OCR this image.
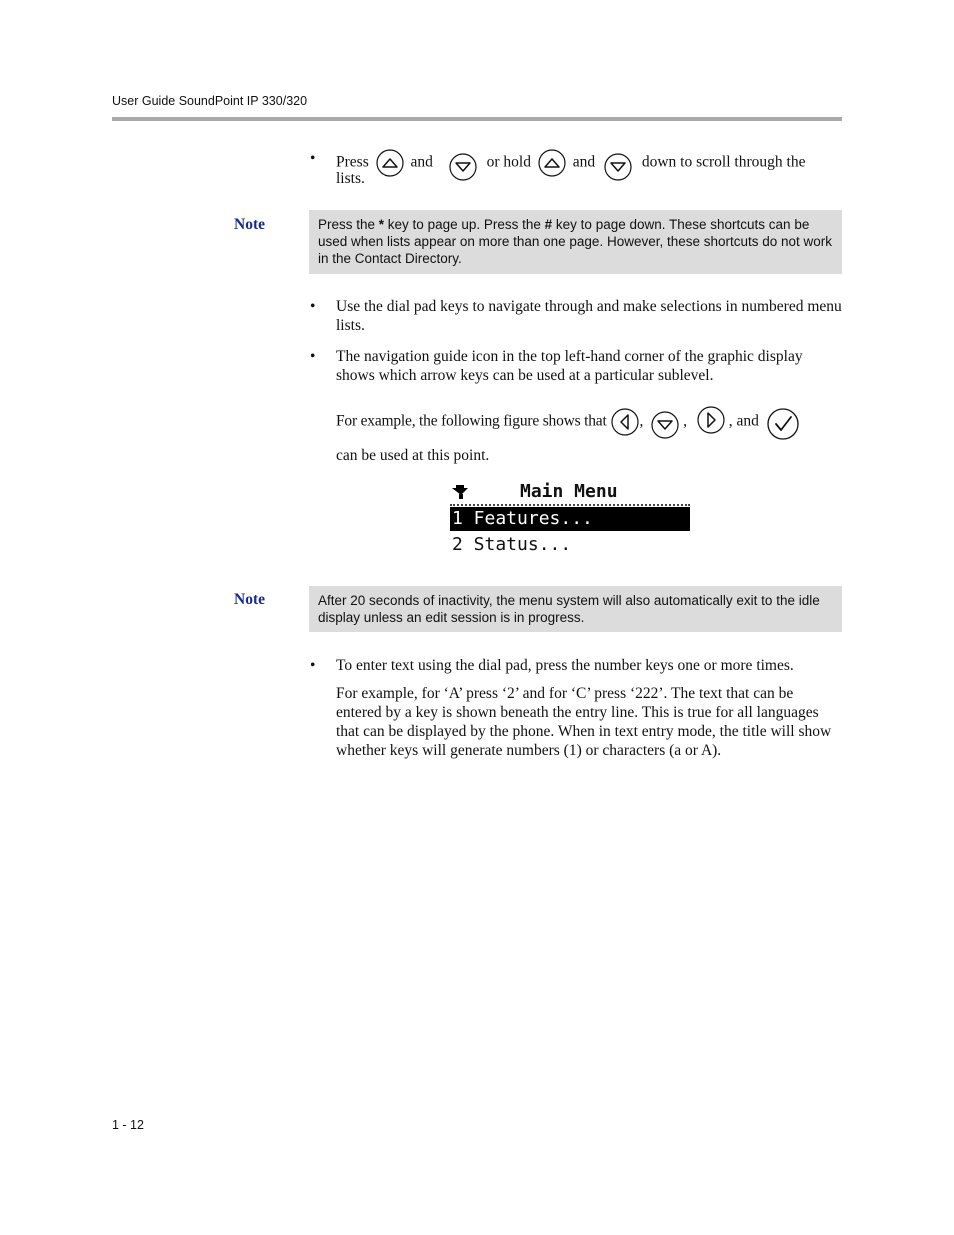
User Guide SoundPoint IP 330/320
• Press	and	or hold	and	down to scroll through the
lists.
Note	Press the * key to page up. Press the # key to page down. These shortcuts can be used when lists appear on more than one page. However, these shortcuts do not work in the Contact Directory.
• Use the dial pad keys to navigate through and make selections in numbered menu lists.
• The navigation guide icon in the top left-hand corner of the graphic display shows which arrow keys can be used at a particular sublevel.
For example, the following figure shows that ,	,	, and
can be used at this point.
Main Menu
1 Features...
2 Status...
Note	After 20 seconds of inactivity, the menu system will also automatically exit to the idle display unless an edit session is in progress.
• To enter text using the dial pad, press the number keys one or more times.
For example, for ‘A’ press ‘2’ and for ‘C’ press ‘222’. The text that can be entered by a key is shown beneath the entry line. This is true for all languages that can be displayed by the phone. When in text entry mode, the title will show whether keys will generate numbers (1) or characters (a or A).
1 - 12
